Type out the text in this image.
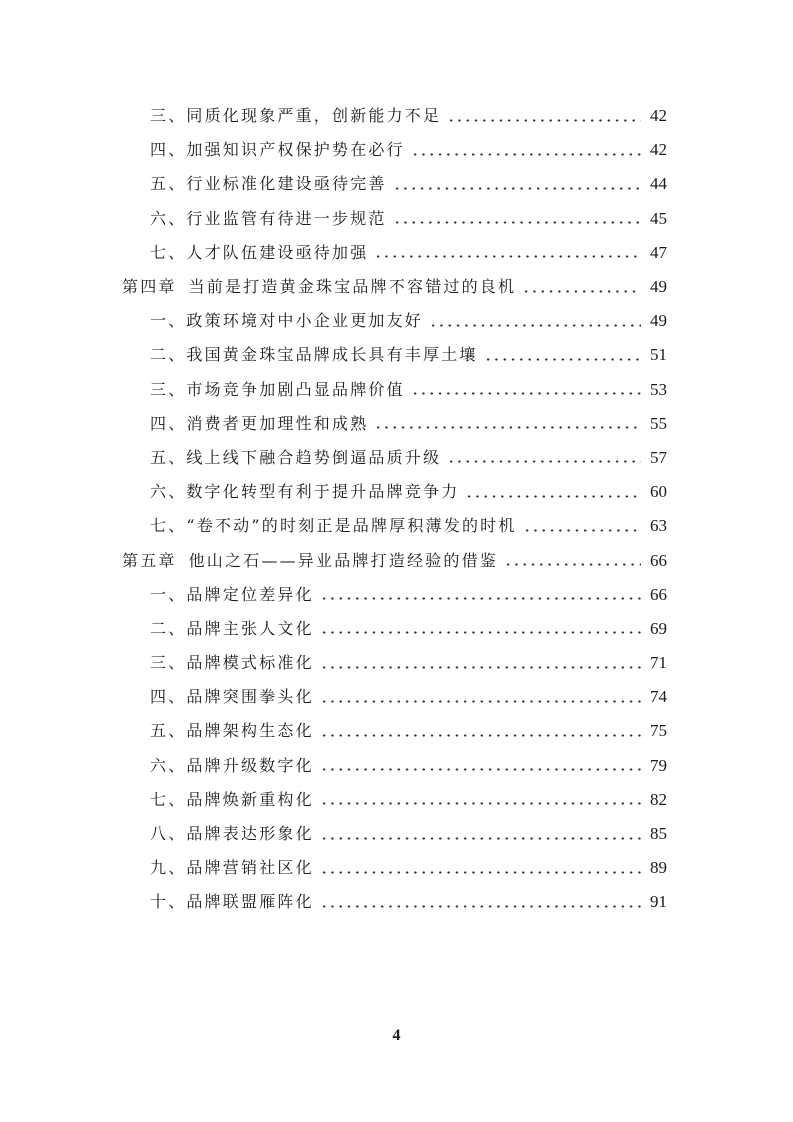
三、同质化现象严重，创新能力不足	42
四、加强知识产权保护势在必行	42
五、行业标准化建设亟待完善	44
六、行业监管有待进一步规范	45
七、人才队伍建设亟待加强	47
第四章 当前是打造黄金珠宝品牌不容错过的良机	49
一、政策环境对中小企业更加友好	49
二、我国黄金珠宝品牌成长具有丰厚土壤	51
三、市场竞争加剧凸显品牌价值	53
四、消费者更加理性和成熟	55
五、线上线下融合趋势倒逼品质升级	57
六、数字化转型有利于提升品牌竞争力	60
七、“卷不动”的时刻正是品牌厚积薄发的时机	63
第五章 他山之石——异业品牌打造经验的借鉴	66
一、品牌定位差异化	66
二、品牌主张人文化	69
三、品牌模式标准化	71
四、品牌突围拳头化	74
五、品牌架构生态化	75
六、品牌升级数字化	79
七、品牌焕新重构化	82
八、品牌表达形象化	85
九、品牌营销社区化	89
十、品牌联盟雁阵化	91
4
